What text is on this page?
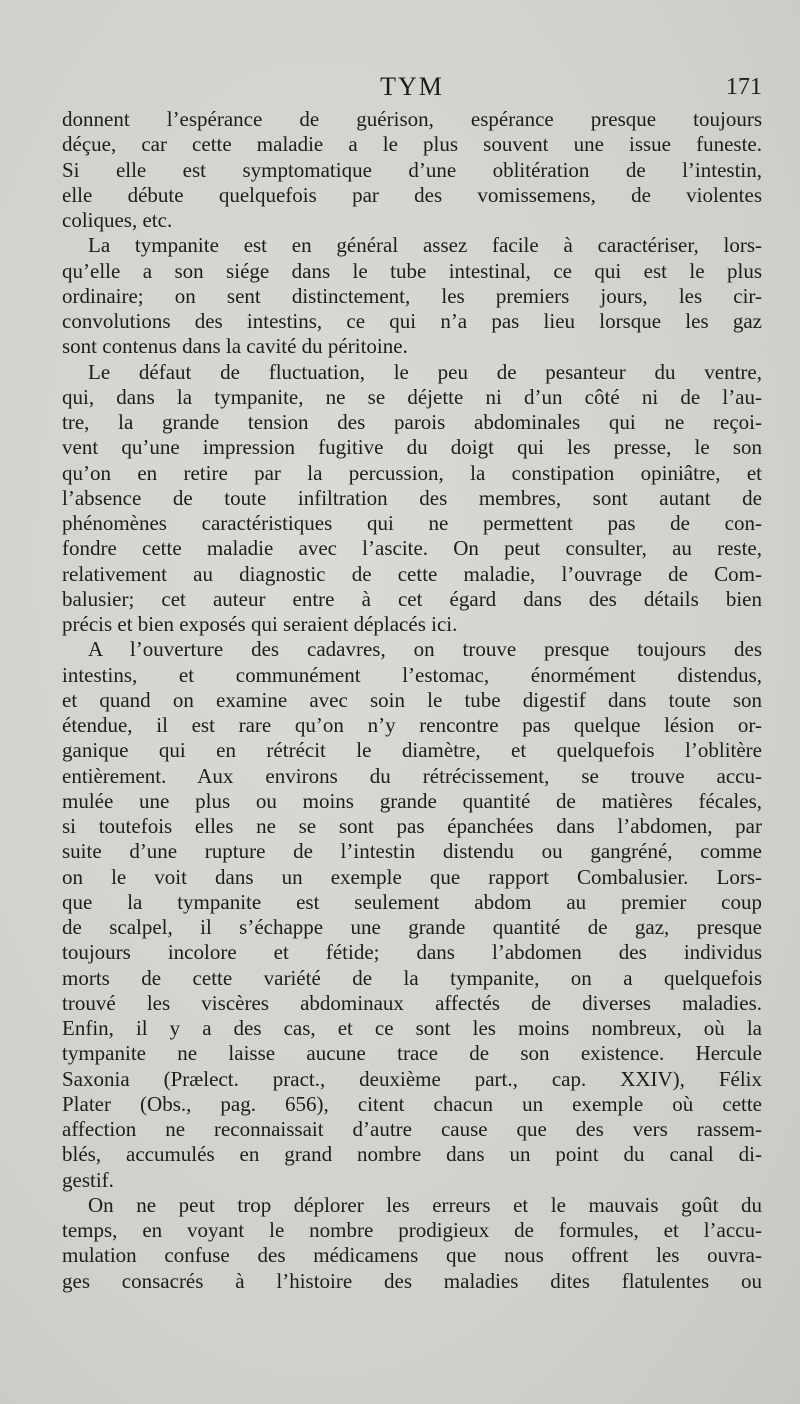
TYM	171
donnent l’espérance de guérison, espérance presque toujours
déçue, car cette maladie a le plus souvent une issue funeste.
Si elle est symptomatique d’une oblitération de l’intestin,
elle débute quelquefois par des vomissemens, de violentes
coliques, etc.
La tympanite est en général assez facile à caractériser, lors-
qu’elle a son siége dans le tube intestinal, ce qui est le plus
ordinaire; on sent distinctement, les premiers jours, les cir-
convolutions des intestins, ce qui n’a pas lieu lorsque les gaz
sont contenus dans la cavité du péritoine.
Le défaut de fluctuation, le peu de pesanteur du ventre,
qui, dans la tympanite, ne se déjette ni d’un côté ni de l’au-
tre, la grande tension des parois abdominales qui ne reçoi-
vent qu’une impression fugitive du doigt qui les presse, le son
qu’on en retire par la percussion, la constipation opiniâtre, et
l’absence de toute infiltration des membres, sont autant de
phénomènes caractéristiques qui ne permettent pas de con-
fondre cette maladie avec l’ascite. On peut consulter, au reste,
relativement au diagnostic de cette maladie, l’ouvrage de Com-
balusier; cet auteur entre à cet égard dans des détails bien
précis et bien exposés qui seraient déplacés ici.
A l’ouverture des cadavres, on trouve presque toujours des
intestins, et communément l’estomac, énormément distendus,
et quand on examine avec soin le tube digestif dans toute son
étendue, il est rare qu’on n’y rencontre pas quelque lésion or-
ganique qui en rétrécit le diamètre, et quelquefois l’oblitère
entièrement. Aux environs du rétrécissement, se trouve accu-
mulée une plus ou moins grande quantité de matières fécales,
si toutefois elles ne se sont pas épanchées dans l’abdomen, par
suite d’une rupture de l’intestin distendu ou gangréné, comme
on le voit dans un exemple que rapport Combalusier. Lors-
que la tympanite est seulement abdom au premier coup
de scalpel, il s’échappe une grande quantité de gaz, presque
toujours incolore et fétide; dans l’abdomen des individus
morts de cette variété de la tympanite, on a quelquefois
trouvé les viscères abdominaux affectés de diverses maladies.
Enfin, il y a des cas, et ce sont les moins nombreux, où la
tympanite ne laisse aucune trace de son existence. Hercule
Saxonia (Prælect. pract., deuxième part., cap. XXIV), Félix
Plater (Obs., pag. 656), citent chacun un exemple où cette
affection ne reconnaissait d’autre cause que des vers rassem-
blés, accumulés en grand nombre dans un point du canal di-
gestif.
On ne peut trop déplorer les erreurs et le mauvais goût du
temps, en voyant le nombre prodigieux de formules, et l’accu-
mulation confuse des médicamens que nous offrent les ouvra-
ges consacrés à l’histoire des maladies dites flatulentes ou
